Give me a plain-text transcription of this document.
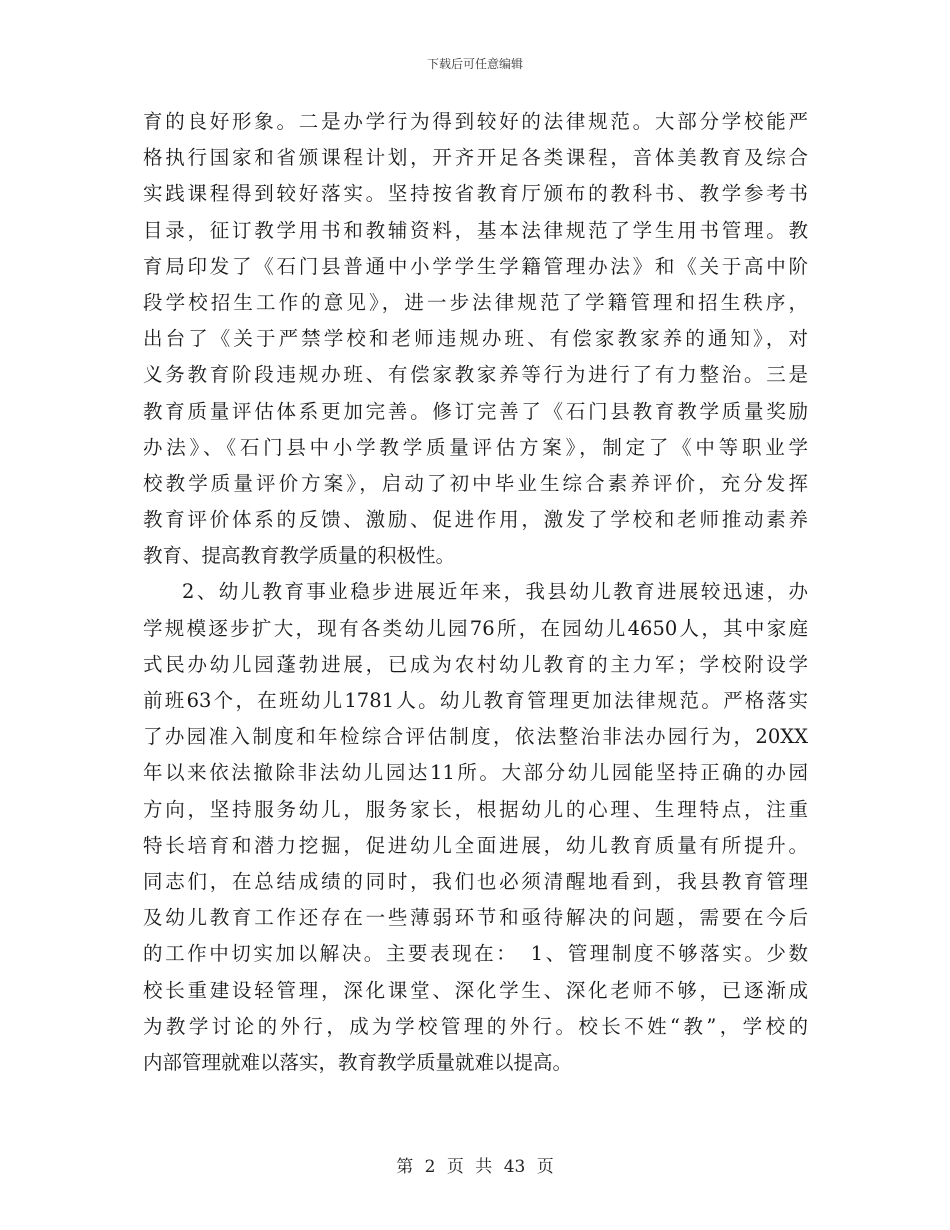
下载后可任意编辑
育的良好形象。二是办学行为得到较好的法律规范。大部分学校能严
格执行国家和省颁课程计划，开齐开足各类课程，音体美教育及综合
实践课程得到较好落实。坚持按省教育厅颁布的教科书、教学参考书
目录，征订教学用书和教辅资料，基本法律规范了学生用书管理。教
育局印发了《石门县普通中小学学生学籍管理办法》和《关于高中阶
段学校招生工作的意见》，进一步法律规范了学籍管理和招生秩序，
出台了《关于严禁学校和老师违规办班、有偿家教家养的通知》，对
义务教育阶段违规办班、有偿家教家养等行为进行了有力整治。三是
教育质量评估体系更加完善。修订完善了《石门县教育教学质量奖励
办法》、《石门县中小学教学质量评估方案》，制定了《中等职业学
校教学质量评价方案》，启动了初中毕业生综合素养评价，充分发挥
教育评价体系的反馈、激励、促进作用，激发了学校和老师推动素养
教育、提高教育教学质量的积极性。
2、幼儿教育事业稳步进展近年来，我县幼儿教育进展较迅速，办
学规模逐步扩大，现有各类幼儿园76所，在园幼儿4650人，其中家庭
式民办幼儿园蓬勃进展，已成为农村幼儿教育的主力军；学校附设学
前班63个，在班幼儿1781人。幼儿教育管理更加法律规范。严格落实
了办园准入制度和年检综合评估制度，依法整治非法办园行为，20XX
年以来依法撤除非法幼儿园达11所。大部分幼儿园能坚持正确的办园
方向，坚持服务幼儿，服务家长，根据幼儿的心理、生理特点，注重
特长培育和潜力挖掘，促进幼儿全面进展，幼儿教育质量有所提升。
同志们，在总结成绩的同时，我们也必须清醒地看到，我县教育管理
及幼儿教育工作还存在一些薄弱环节和亟待解决的问题，需要在今后
的工作中切实加以解决。主要表现在：　1、管理制度不够落实。少数
校长重建设轻管理，深化课堂、深化学生、深化老师不够，已逐渐成
为教学讨论的外行，成为学校管理的外行。校长不姓“教”，学校的
内部管理就难以落实，教育教学质量就难以提高。
第 2 页 共 43 页
